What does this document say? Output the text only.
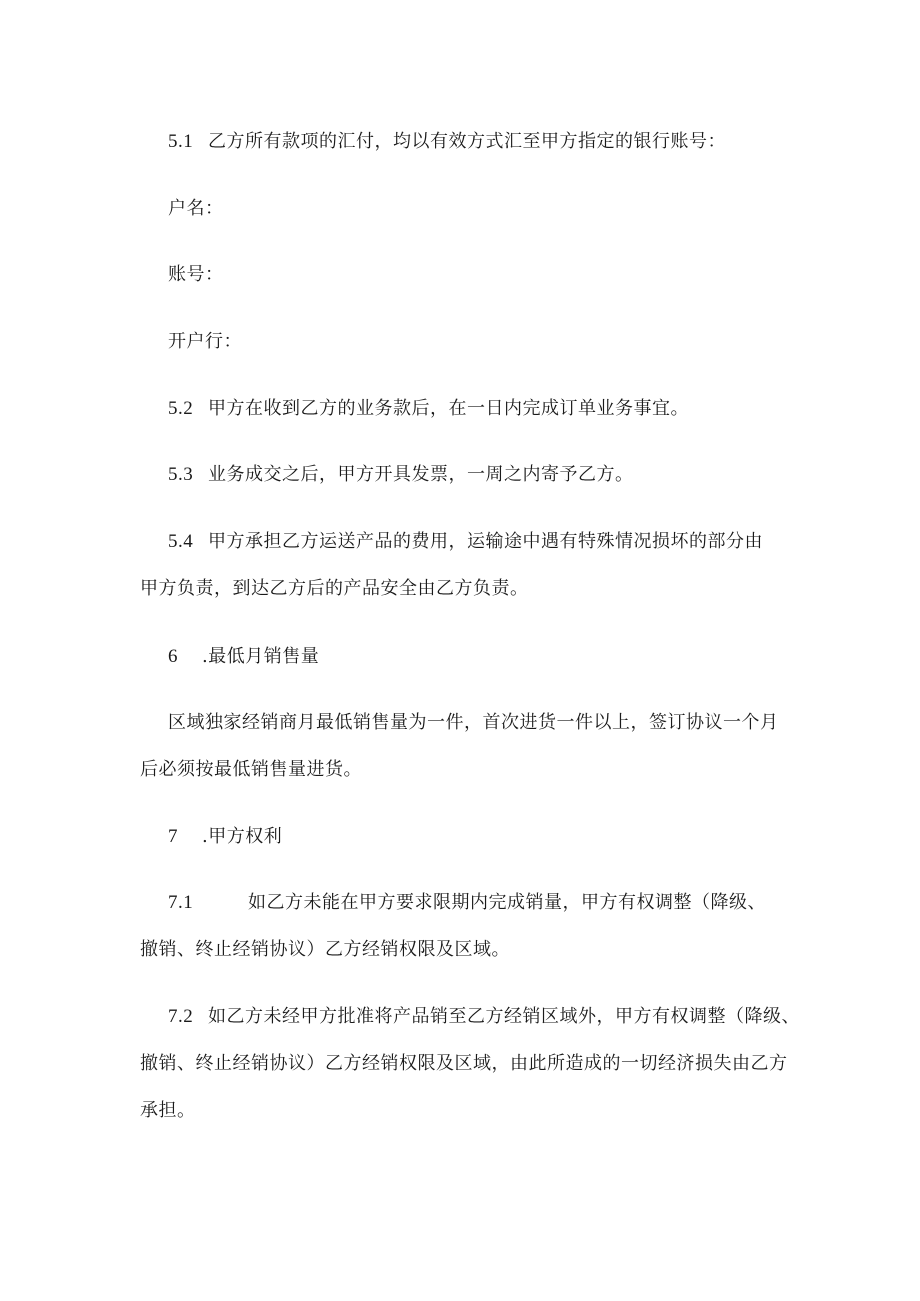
5.1 乙方所有款项的汇付，均以有效方式汇至甲方指定的银行账号：
户名：
账号：
开户行：
5.2 甲方在收到乙方的业务款后，在一日内完成订单业务事宜。
5.3 业务成交之后，甲方开具发票，一周之内寄予乙方。
5.4 甲方承担乙方运送产品的费用，运输途中遇有特殊情况损坏的部分由
甲方负责，到达乙方后的产品安全由乙方负责。
6 .最低月销售量
区域独家经销商月最低销售量为一件，首次进货一件以上，签订协议一个月
后必须按最低销售量进货。
7 .甲方权利
7.1	如乙方未能在甲方要求限期内完成销量，甲方有权调整（降级、
撤销、终止经销协议）乙方经销权限及区域。
7.2 如乙方未经甲方批准将产品销至乙方经销区域外，甲方有权调整（降级、
撤销、终止经销协议）乙方经销权限及区域，由此所造成的一切经济损失由乙方
承担。
